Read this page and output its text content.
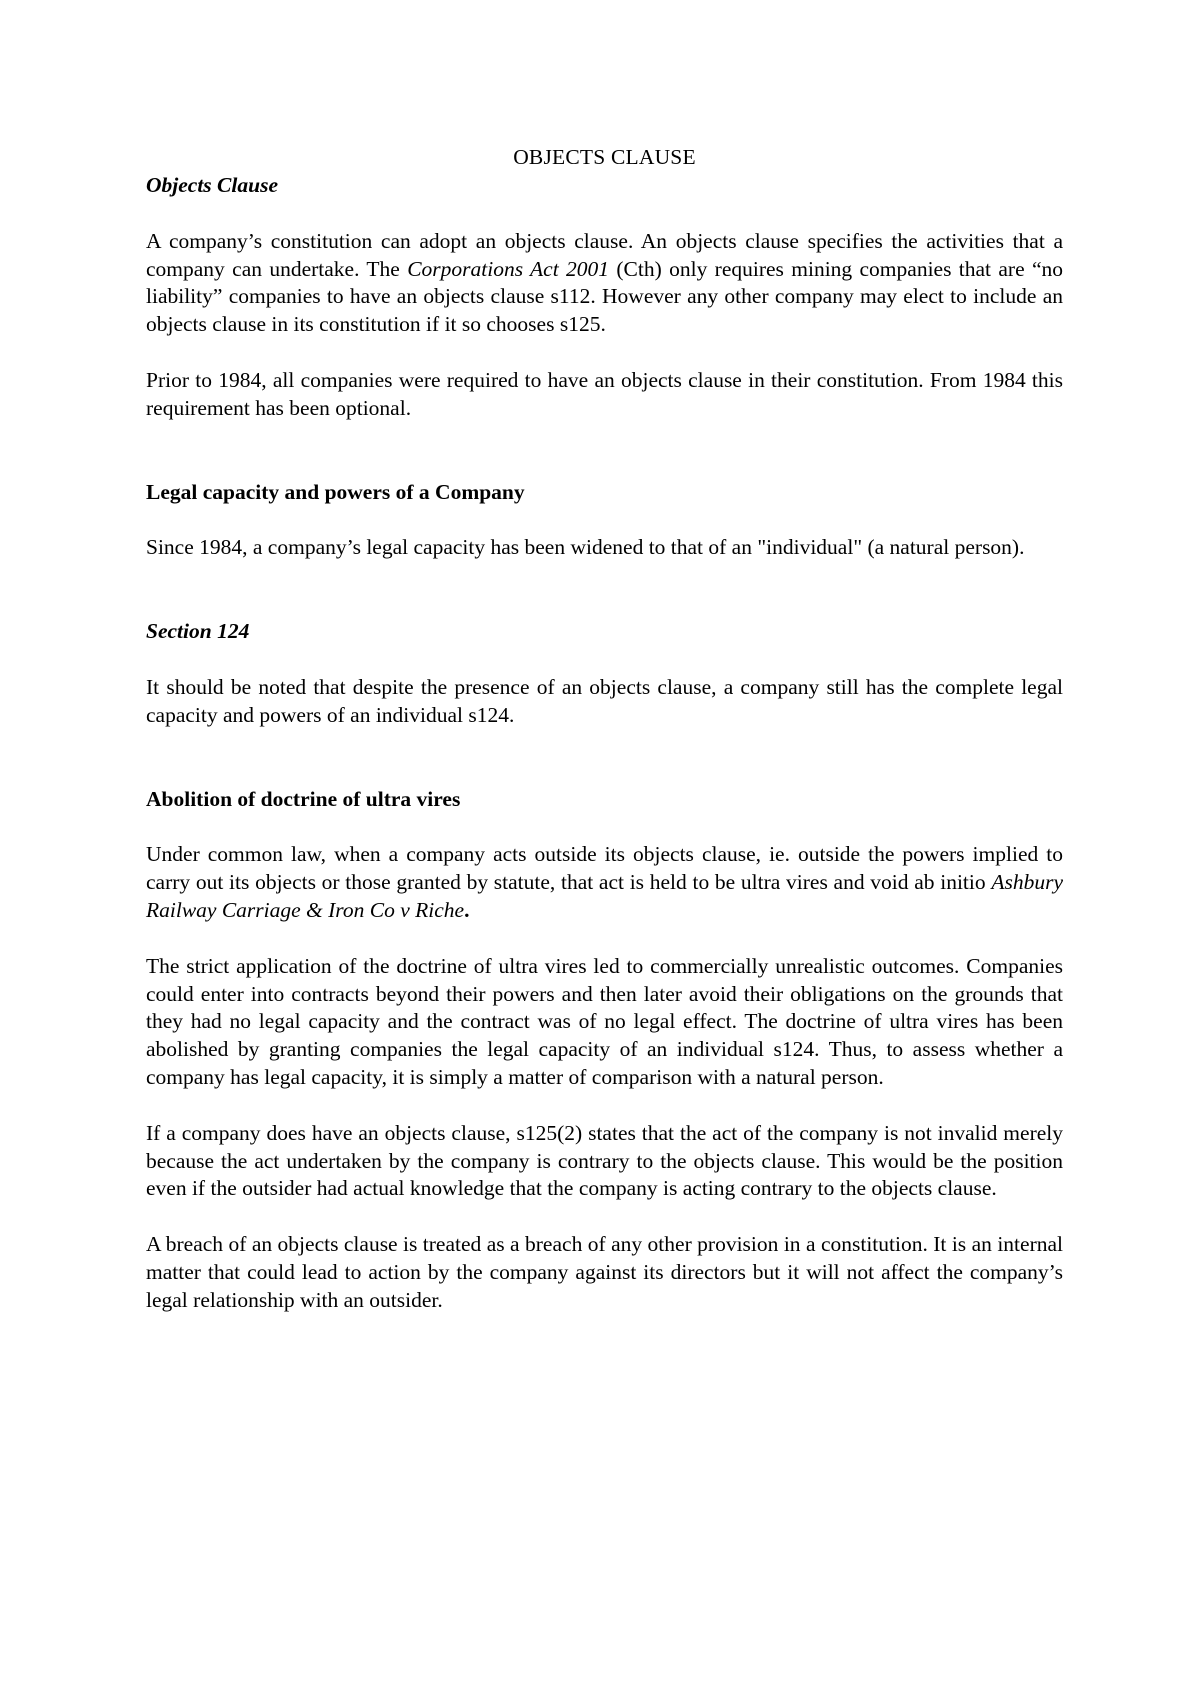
OBJECTS CLAUSE

Objects Clause

A company’s constitution can adopt an objects clause. An objects clause specifies the activities that a company can undertake. The Corporations Act 2001 (Cth) only requires mining companies that are “no liability” companies to have an objects clause s112. However any other company may elect to include an objects clause in its constitution if it so chooses s125.

Prior to 1984, all companies were required to have an objects clause in their constitution. From 1984 this requirement has been optional.

Legal capacity and powers of a Company

Since 1984, a company’s legal capacity has been widened to that of an "individual" (a natural person).

Section 124

It should be noted that despite the presence of an objects clause, a company still has the complete legal capacity and powers of an individual s124.

Abolition of doctrine of ultra vires

Under common law, when a company acts outside its objects clause, ie. outside the powers implied to carry out its objects or those granted by statute, that act is held to be ultra vires and void ab initio Ashbury Railway Carriage & Iron Co v Riche.

The strict application of the doctrine of ultra vires led to commercially unrealistic outcomes. Companies could enter into contracts beyond their powers and then later avoid their obligations on the grounds that they had no legal capacity and the contract was of no legal effect. The doctrine of ultra vires has been abolished by granting companies the legal capacity of an individual s124. Thus, to assess whether a company has legal capacity, it is simply a matter of comparison with a natural person.

If a company does have an objects clause, s125(2) states that the act of the company is not invalid merely because the act undertaken by the company is contrary to the objects clause. This would be the position even if the outsider had actual knowledge that the company is acting contrary to the objects clause.

A breach of an objects clause is treated as a breach of any other provision in a constitution. It is an internal matter that could lead to action by the company against its directors but it will not affect the company’s legal relationship with an outsider.
